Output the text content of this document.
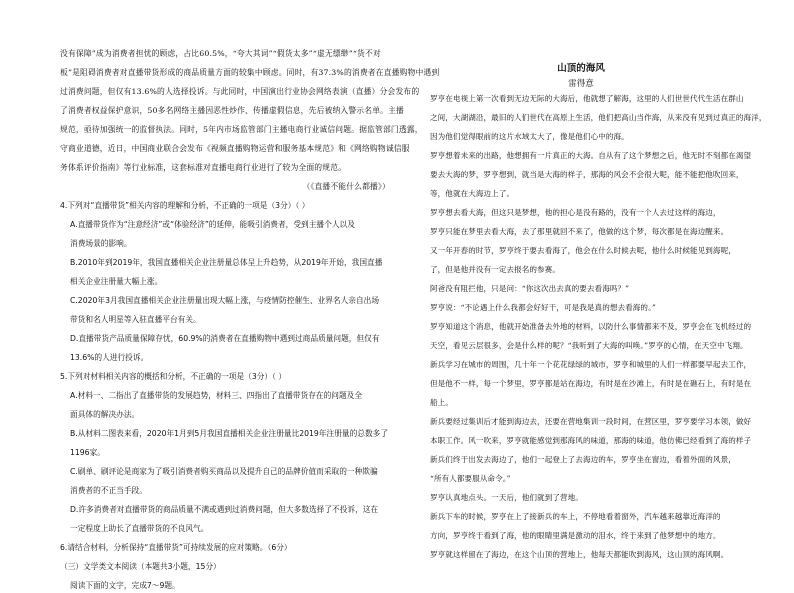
没有保障”成为消费者担忧的顾虑，占比60.5%，“夸大其词”“假货太多”“虚无缥缈”“货不对
板”是阻碍消费者对直播带货形成的商品质量方面的较集中顾虑。同时，有37.3%的消费者在直播购物中遇到
过消费问题，但仅有13.6%的人选择投诉。与此同时，中国演出行业协会网络表演（直播）分会发布的
了消费者权益保护意识，50多名网络主播因恶性炒作、传播虚假信息，先后被纳入警示名单。主播
规范，亟待加强统一的监督执法。同时，5年内市场监管部门主播电商行业诚信问题。据监管部门透露，
守商业道德，近日，中国商业联合会发布《视频直播购物运营和服务基本规范》和《网络购物诚信服
务体系评价指南》等行业标准，这套标准对直播电商行业进行了较为全面的规范。
（《直播不能什么都播》）
4.下列对“直播带货”相关内容的理解和分析，不正确的一项是（3分）（ ）
A.直播带货作为“注意经济”或“体验经济”的延伸，能吸引消费者，受到主播个人以及
消费场景的影响。
B.2010年到2019年，我国直播相关企业注册量总体呈上升趋势，从2019年开始，我国直播
相关企业注册量大幅上涨。
C.2020年3月我国直播相关企业注册量出现大幅上涨，与疫情防控催生、业界名人亲自出场
带货和名人明星等入驻直播平台有关。
D.直播带货产品质量保障存忧，60.9%的消费者在直播购物中遇到过商品质量问题，但仅有
13.6%的人进行投诉。
5.下列对材料相关内容的概括和分析，不正确的一项是（3分）（ ）
A.材料一、二指出了直播带货的发展趋势，材料三、四指出了直播带货存在的问题及全
面具体的解决办法。
B.从材料二图表来看，2020年1月到5月我国直播相关企业注册量比2019年注册量的总数多了
1196家。
C.刷单、刷评论是商家为了吸引消费者购买商品以及提升自己的品牌价值而采取的一种欺骗
消费者的不正当手段。
D.许多消费者对直播带货的商品质量不满或遇到过消费问题，但大多数选择了不投诉，这在
一定程度上助长了直播带货的不良风气。
6.请结合材料，分析保持“直播带货”可持续发展的应对策略。（6分）
（三）文学类文本阅读（本题共3小题，15分）
阅读下面的文字，完成7～9题。
山顶的海风
雷得意
罗亨在电视上第一次看到无边无际的大海后，他就想了解海，这里的人们世世代代生活在群山
之间，大湖湖沿，最旧的人们世代在高原上生活，他们把高山当作海，从来没有见到过真正的海洋，
因为他们觉得眼前的这片水域太大了，像是他们心中的海。
罗亨想着未来的出路，他想拥有一片真正的大海。自从有了这个梦想之后，他无时不刻都在渴望
要去大海的梦，罗亨想到，就当是大海的样子，那海的风会不会很大呢，能不能把他吹回来，
等，他就在大海边上了。
罗亨想去看大海，但这只是梦想，他的担心是没有路的，没有一个人去过这样的海边，
罗亨只能在梦里去看大海，去了那里就回不来了，他做的这个梦，每次都是在海边醒来。
又一年开春的时节，罗亨终于要去看海了，他会在什么时候去呢，他什么时候能见到海呢，
了，但是他并没有一定去报名的参赛。
阿爸没有阻拦他，只是问：“你这次出去真的要去看海吗？”
罗亨说：“不论遇上什么我都会好好干，可是我是真的想去看海的。”
罗亨知道这个消息，他就开始准备去外地的材料，以防什么事情都来不及，罗亨会在飞机经过的
天空，看见云层很多，会是什么样的呢？“我听到了大海的叫唤。”罗亨的心情，在天空中飞翔。
新兵学习在城市的周围，几十年一个花花绿绿的城市，罗亨和城里的人们一样都要早起去工作，
但是他不一样，每一个梦里，罗亨都是站在海边，有时是在沙滩上，有时是在礁石上，有时是在
船上。
新兵要经过集训后才能到海边去，还要在营地集训一段时间，在营区里，罗亨要学习本领，做好
本职工作。风一吹来，罗亨就能感觉到那海风的味道，那海的味道，他仿佛已经看到了海的样子
新兵们终于出发去海边了，他们一起登上了去海边的车，罗亨坐在窗边，看着外面的风景，
“所有人都要服从命令。”
罗亨认真地点头。一天后，他们就到了营地。
新兵下车的时候，罗亨在上了接新兵的车上，不停地看着窗外，汽车越来越靠近海洋的
方向，罗亨终于看到了海，他的眼睛里满是激动的泪水，终于来到了他梦想中的地方。
罗亨就这样留在了海边，在这个山顶的营地上，他每天都能吹到海风，这山顶的海风啊。
